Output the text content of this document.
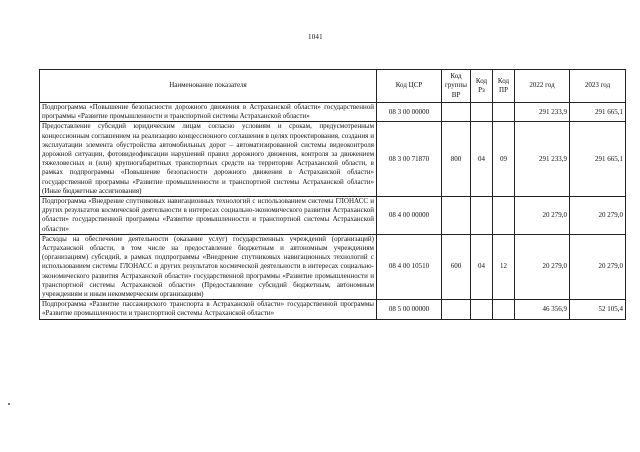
1041
Наименование показателя	Код ЦСР	Код группы ВР	Код Рз	Код ПР	2022 год	2023 год
Подпрограмма «Повышение безопасности дорожного движения в Астраханской области» государственной программы «Развитие промышленности и транспортной системы Астраханской области»	08 3 00 00000				291 233,9	291 665,1
Предоставление субсидий юридическим лицам согласно условиям и срокам, предусмотренным концессионным соглашением на реализацию концессионного соглашения в целях проектирования, создания и эксплуатации элемента обустройства автомобильных дорог – автоматизированной системы видеоконтроля дорожной ситуации, фотовидеофиксации нарушений правил дорожного движения, контроля за движением тяжеловесных и (или) крупногабаритных транспортных средств на территории Астраханской области, в рамках подпрограммы «Повышение безопасности дорожного движения в Астраханской области» государственной программы «Развитие промышленности и транспортной системы Астраханской области» (Иные бюджетные ассигнования)	08 3 00 71870	800	04	09	291 233,9	291 665,1
Подпрограмма «Внедрение спутниковых навигационных технологий с использованием системы ГЛОНАСС и других результатов космической деятельности в интересах социально-экономического развития Астраханской области» государственной программы «Развитие промышленности и транспортной системы Астраханской области»	08 4 00 00000				20 279,0	20 279,0
Расходы на обеспечение деятельности (оказание услуг) государственных учреждений (организаций) Астраханской области, в том числе на предоставление бюджетным и автономным учреждениям (организациям) субсидий, в рамках подпрограммы «Внедрение спутниковых навигационных технологий с использованием системы ГЛОНАСС и других результатов космической деятельности в интересах социально-экономического развития Астраханской области» государственной программы «Развитие промышленности и транспортной системы Астраханской области» (Предоставление субсидий бюджетным, автономным учреждениям и иным некоммерческим организациям)	08 4 00 10510	600	04	12	20 279,0	20 279,0
Подпрограмма «Развитие пассажирского транспорта в Астраханской области» государственной программы «Развитие промышленности и транспортной системы Астраханской области»	08 5 00 00000				46 356,9	52 105,4
